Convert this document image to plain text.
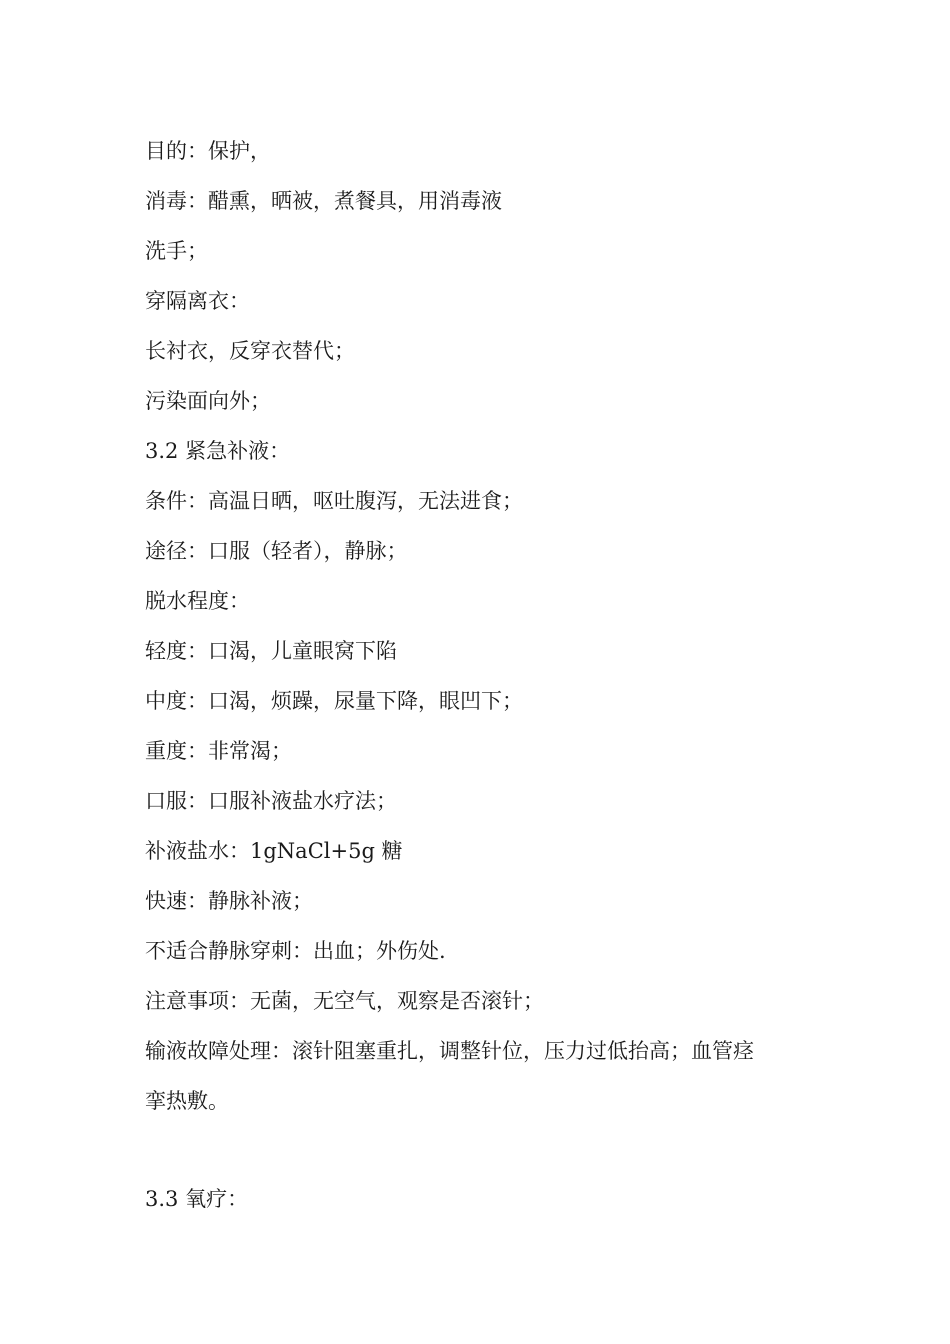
目的：保护，

消毒：醋熏，晒被，煮餐具，用消毒液

洗手；

穿隔离衣：

长衬衣，反穿衣替代；

污染面向外；

3.2 紧急补液：

条件：高温日晒，呕吐腹泻，无法进食；

途径：口服（轻者），静脉；

脱水程度：

轻度：口渴，儿童眼窝下陷

中度：口渴，烦躁，尿量下降，眼凹下；

重度：非常渴；

口服：口服补液盐水疗法；

补液盐水：1gNaCl+5g 糖

快速：静脉补液；

不适合静脉穿刺：出血；外伤处.

注意事项：无菌，无空气，观察是否滚针；

输液故障处理：滚针阻塞重扎，调整针位，压力过低抬高；血管痉

挛热敷。

3.3 氧疗：
